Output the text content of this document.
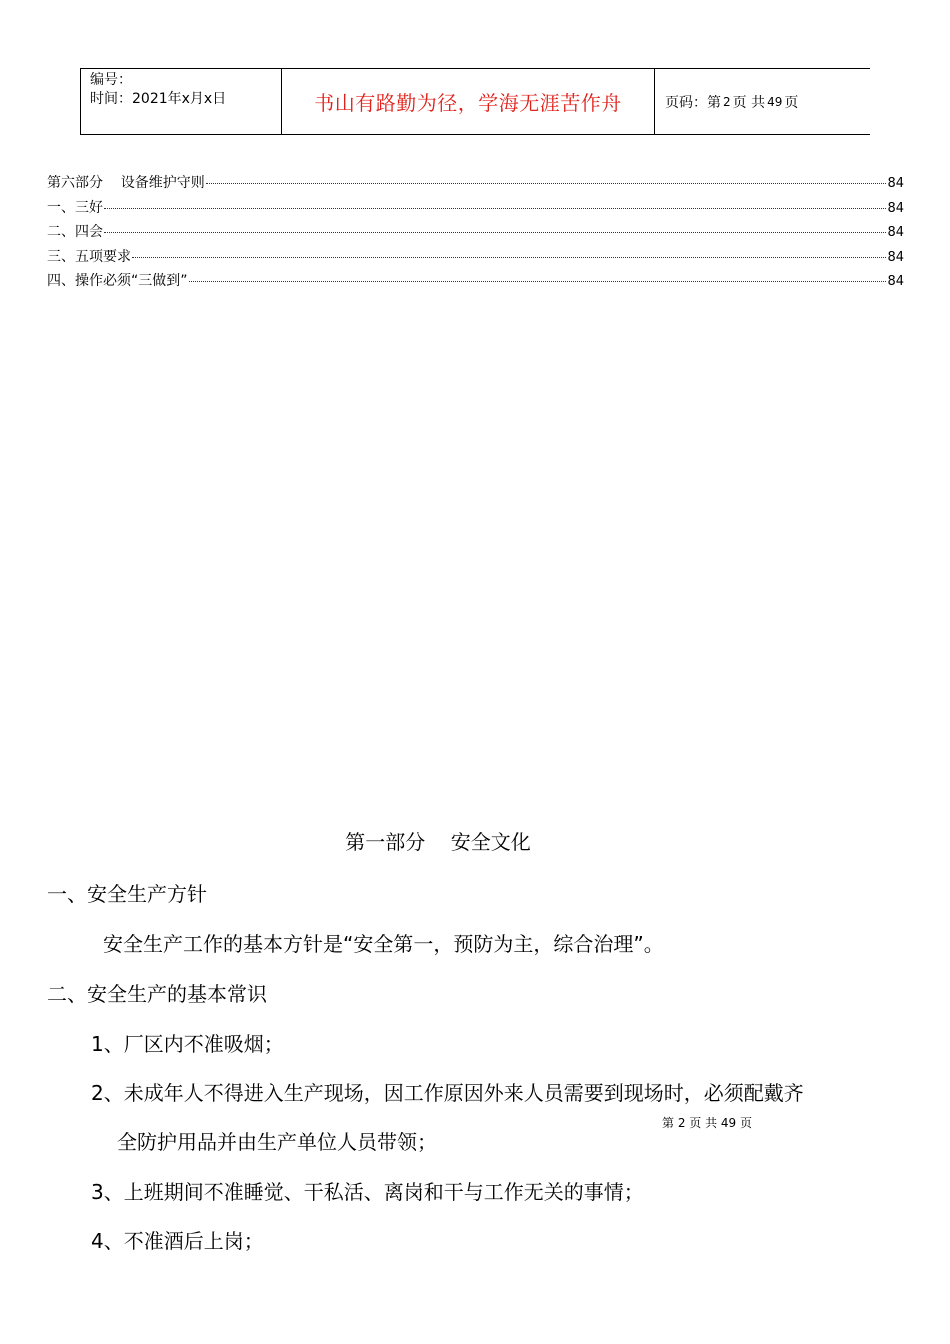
编号：
时间：2021年x月x日	书山有路勤为径，学海无涯苦作舟	页码：第 2 页 共 49 页
第六部分    设备维护守则	84
一、三好	84
二、四会	84
三、五项要求	84
四、操作必须“三做到”	84
第一部分    安全文化
一、安全生产方针
安全生产工作的基本方针是“安全第一，预防为主，综合治理”。
二、安全生产的基本常识
1、厂区内不准吸烟；
2、未成年人不得进入生产现场，因工作原因外来人员需要到现场时，必须配戴齐
全防护用品并由生产单位人员带领；
3、上班期间不准睡觉、干私活、离岗和干与工作无关的事情；
4、不准酒后上岗；
第 2 页 共 49 页
